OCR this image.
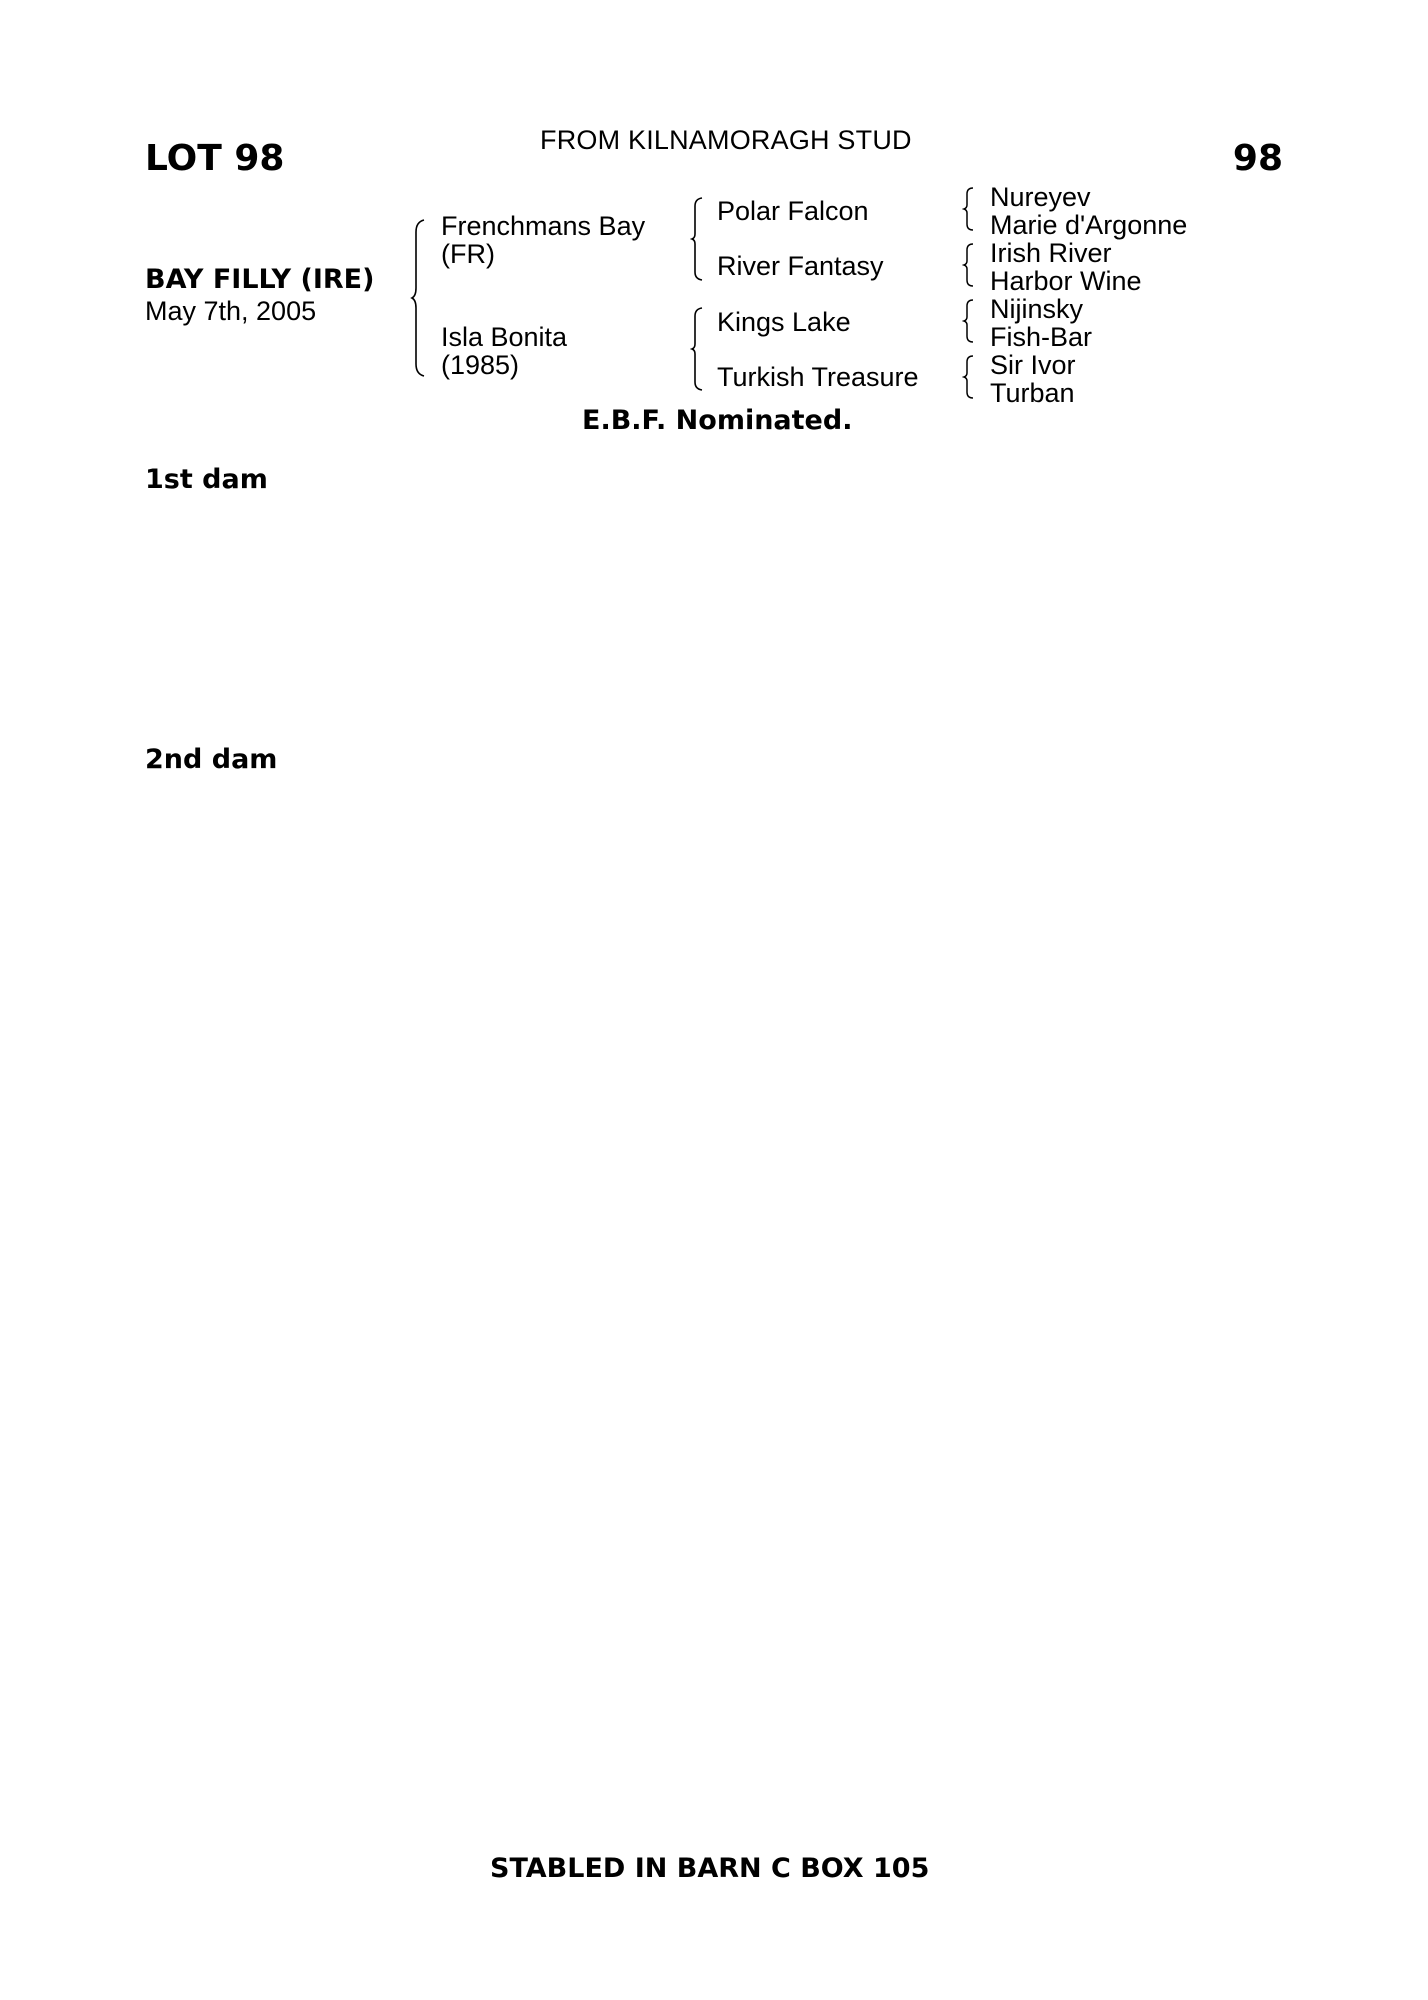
LOT 98	FROM KILNAMORAGH STUD	98
BAY FILLY (IRE)
May 7th, 2005
Frenchmans Bay
(FR)
Isla Bonita
(1985)
Polar Falcon
River Fantasy
Kings Lake
Turkish Treasure
Nureyev
Marie d'Argonne
Irish River
Harbor Wine
Nijinsky
Fish-Bar
Sir Ivor
Turban
E.B.F. Nominated.
1st dam
2nd dam
STABLED IN BARN C BOX 105
